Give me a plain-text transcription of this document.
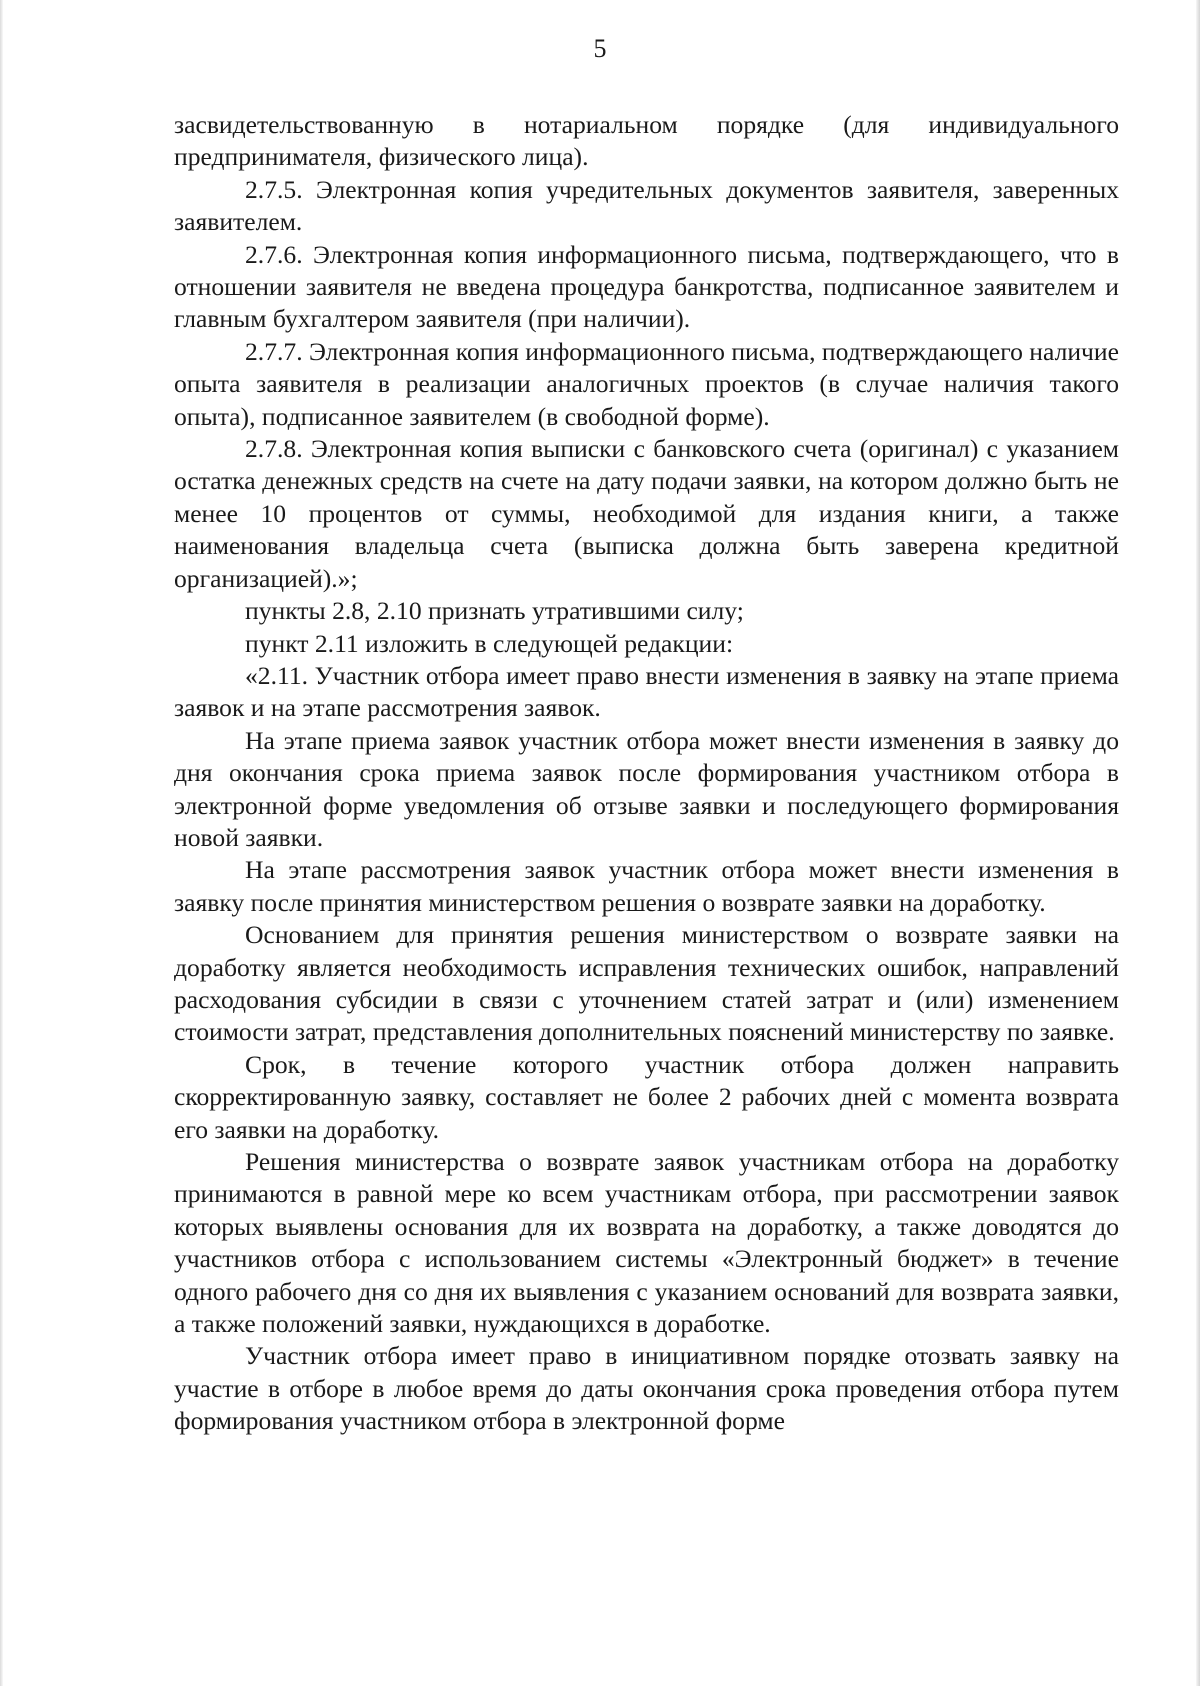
5

засвидетельствованную в нотариальном порядке (для индивидуального предпринимателя, физического лица).

2.7.5. Электронная копия учредительных документов заявителя, заверенных заявителем.

2.7.6. Электронная копия информационного письма, подтверждающего, что в отношении заявителя не введена процедура банкротства, подписанное заявителем и главным бухгалтером заявителя (при наличии).

2.7.7. Электронная копия информационного письма, подтверждающего наличие опыта заявителя в реализации аналогичных проектов (в случае наличия такого опыта), подписанное заявителем (в свободной форме).

2.7.8. Электронная копия выписки с банковского счета (оригинал) с указанием остатка денежных средств на счете на дату подачи заявки, на котором должно быть не менее 10 процентов от суммы, необходимой для издания книги, а также наименования владельца счета (выписка должна быть заверена кредитной организацией).»;

пункты 2.8, 2.10 признать утратившими силу;

пункт 2.11 изложить в следующей редакции:

«2.11. Участник отбора имеет право внести изменения в заявку на этапе приема заявок и на этапе рассмотрения заявок.

На этапе приема заявок участник отбора может внести изменения в заявку до дня окончания срока приема заявок после формирования участником отбора в электронной форме уведомления об отзыве заявки и последующего формирования новой заявки.

На этапе рассмотрения заявок участник отбора может внести изменения в заявку после принятия министерством решения о возврате заявки на доработку.

Основанием для принятия решения министерством о возврате заявки на доработку является необходимость исправления технических ошибок, направлений расходования субсидии в связи с уточнением статей затрат и (или) изменением стоимости затрат, представления дополнительных пояснений министерству по заявке.

Срок, в течение которого участник отбора должен направить скорректированную заявку, составляет не более 2 рабочих дней с момента возврата его заявки на доработку.

Решения министерства о возврате заявок участникам отбора на доработку принимаются в равной мере ко всем участникам отбора, при рассмотрении заявок которых выявлены основания для их возврата на доработку, а также доводятся до участников отбора с использованием системы «Электронный бюджет» в течение одного рабочего дня со дня их выявления с указанием оснований для возврата заявки, а также положений заявки, нуждающихся в доработке.

Участник отбора имеет право в инициативном порядке отозвать заявку на участие в отборе в любое время до даты окончания срока проведения отбора путем формирования участником отбора в электронной форме
